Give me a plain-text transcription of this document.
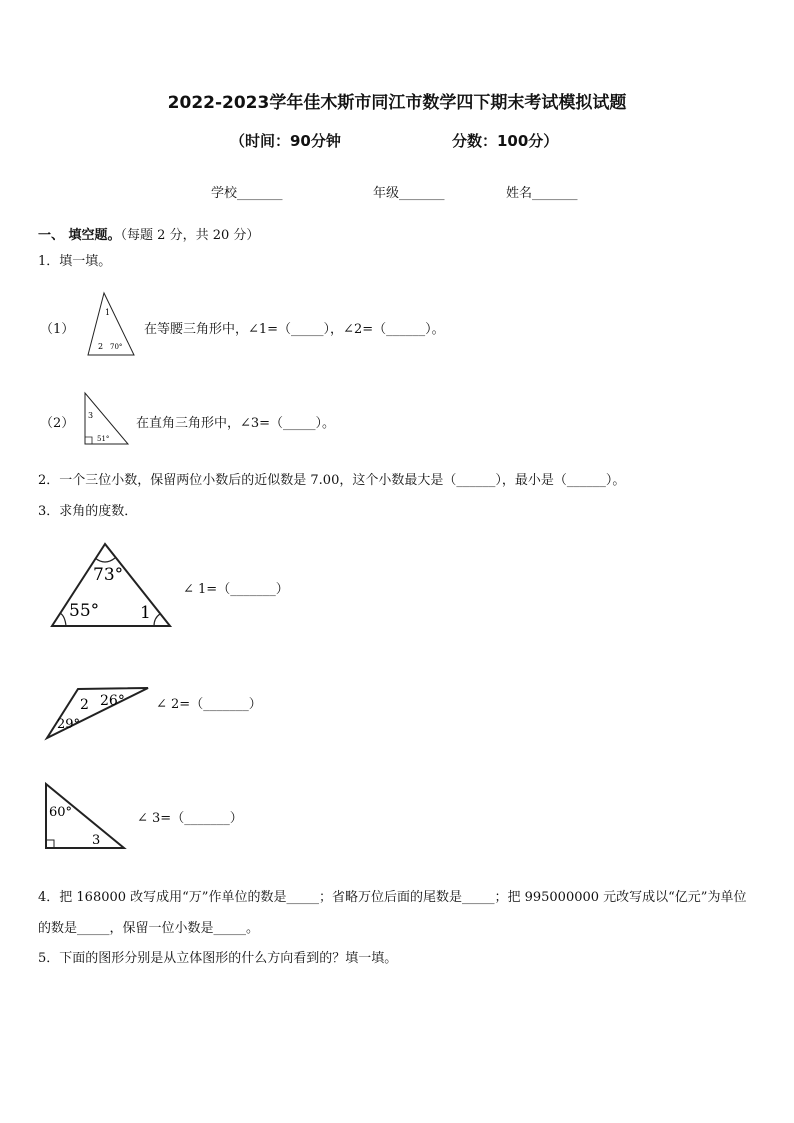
2022-2023学年佳木斯市同江市数学四下期末考试模拟试题
（时间：90分钟	分数：100分）
学校_______	年级_______	姓名_______
一、 填空题。（每题 2 分，共 20 分）
1．填一填。
（1）
1
2 70°
在等腰三角形中，∠1=（_____），∠2=（______）。
（2）
3
51°
在直角三角形中，∠3=（_____）。
2．一个三位小数，保留两位小数后的近似数是 7.00，这个小数最大是（______），最小是（______）。
3．求角的度数．
73°
55° 1
∠ 1=（_______）
2 26°
29°
∠ 2=（_______）
60°
3
∠ 3=（_______）
4．把 168000 改写成用“万”作单位的数是_____；省略万位后面的尾数是_____；把 995000000 元改写成以“亿元”为单位
的数是_____，保留一位小数是_____。
5．下面的图形分别是从立体图形的什么方向看到的？填一填。
